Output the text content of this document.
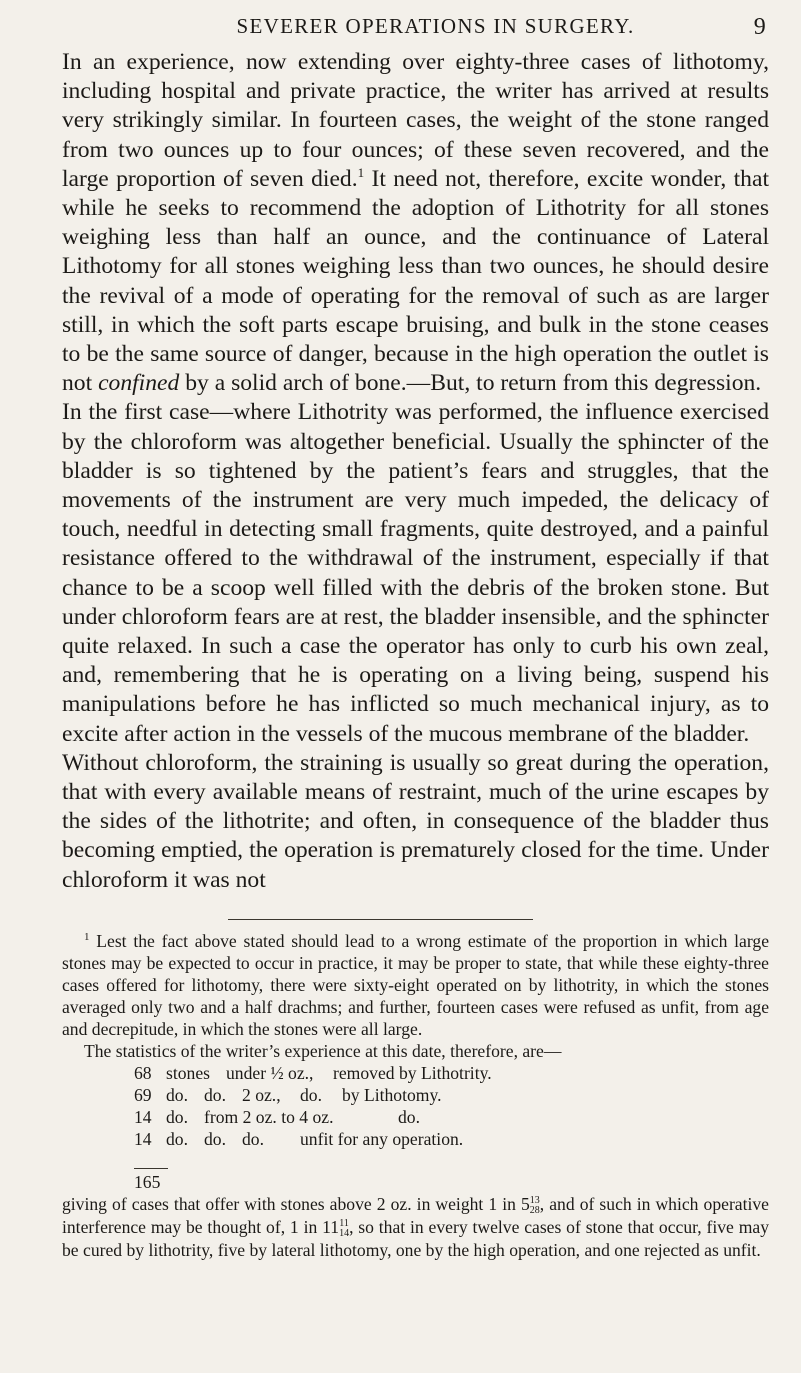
SEVERER OPERATIONS IN SURGERY.	9

In an experience, now extending over eighty-three cases of lithotomy, including hospital and private practice, the writer has arrived at results very strikingly similar. In fourteen cases, the weight of the stone ranged from two ounces up to four ounces; of these seven recovered, and the large proportion of seven died.$^1$ It need not, therefore, excite wonder, that while he seeks to recommend the adoption of Lithotrity for all stones weighing less than half an ounce, and the continuance of Lateral Lithotomy for all stones weighing less than two ounces, he should desire the revival of a mode of operating for the removal of such as are larger still, in which the soft parts escape bruising, and bulk in the stone ceases to be the same source of danger, because in the high operation the outlet is not confined by a solid arch of bone.—But, to return from this degression.

In the first case—where Lithotrity was performed, the influence exercised by the chloroform was altogether beneficial. Usually the sphincter of the bladder is so tightened by the patient’s fears and struggles, that the movements of the instrument are very much impeded, the delicacy of touch, needful in detecting small fragments, quite destroyed, and a painful resistance offered to the withdrawal of the instrument, especially if that chance to be a scoop well filled with the debris of the broken stone. But under chloroform fears are at rest, the bladder insensible, and the sphincter quite relaxed. In such a case the operator has only to curb his own zeal, and, remembering that he is operating on a living being, suspend his manipulations before he has inflicted so much mechanical injury, as to excite after action in the vessels of the mucous membrane of the bladder.

Without chloroform, the straining is usually so great during the operation, that with every available means of restraint, much of the urine escapes by the sides of the lithotrite; and often, in consequence of the bladder thus becoming emptied, the operation is prematurely closed for the time. Under chloroform it was not

$^1$ Lest the fact above stated should lead to a wrong estimate of the proportion in which large stones may be expected to occur in practice, it may be proper to state, that while these eighty-three cases offered for lithotomy, there were sixty-eight operated on by lithotrity, in which the stones averaged only two and a half drachms; and further, fourteen cases were refused as unfit, from age and decrepitude, in which the stones were all large.

The statistics of the writer’s experience at this date, therefore, are—

68 stones under ½ oz.,	removed by Lithotrity.
69 do. do. 2 oz.,	do.	by Lithotomy.
14 do. from 2 oz. to 4 oz.	do.
14 do. do. do.	unfit for any operation.
165

giving of cases that offer with stones above 2 oz. in weight 1 in 5 13
28 , and of such in which operative interference may be thought of, 1 in 11 11
14 , so that in every twelve cases of stone that occur, five may be cured by lithotrity, five by lateral lithotomy, one by the high operation, and one rejected as unfit.
